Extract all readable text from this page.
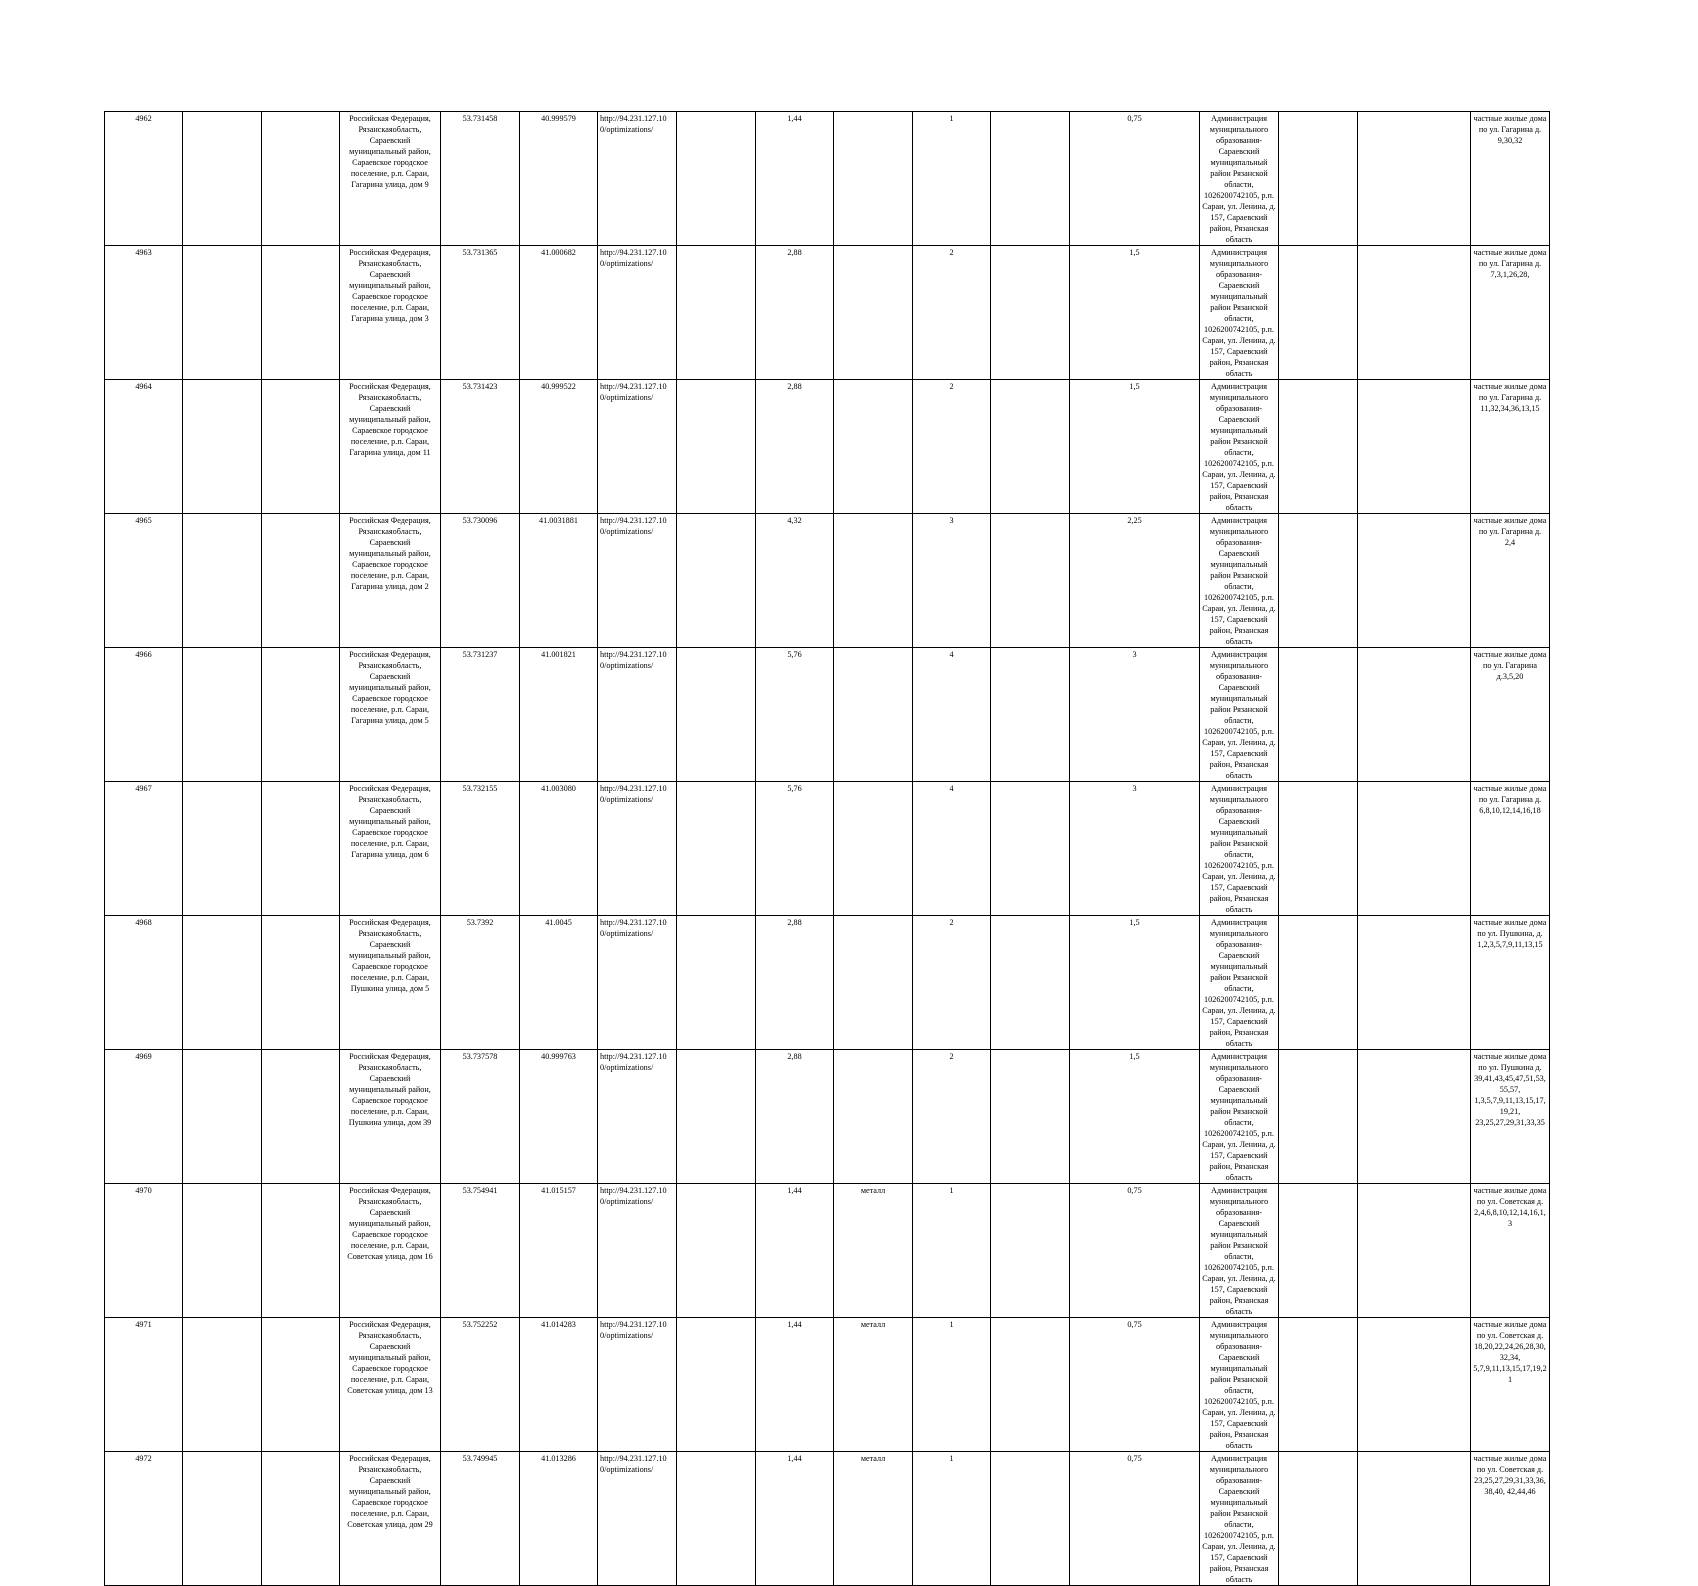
4962			Российская Федерация, Рязанскаяобласть, Сараевский муниципальный район, Сараевское городское поселение, р.п. Сараи, Гагарина улица, дом 9	53.731458	40.999579	http://94.231.127.10 0/optimizations/		1,44		1		0,75	Администрация муниципального образования-Сараевский муниципальный район Рязанской области, 1026200742105, р.п. Сараи, ул. Ленина, д. 157, Сараевский район, Рязанская область			частные жилые дома по ул. Гагарина д. 9,30,32

4963			Российская Федерация, Рязанскаяобласть, Сараевский муниципальный район, Сараевское городское поселение, р.п. Сараи, Гагарина улица, дом 3	53.731365	41.000682	http://94.231.127.10 0/optimizations/		2,88		2		1,5	Администрация муниципального образования-Сараевский муниципальный район Рязанской области, 1026200742105, р.п. Сараи, ул. Ленина, д. 157, Сараевский район, Рязанская область			частные жилые дома по ул. Гагарина д. 7,3,1,26,28,

4964			Российская Федерация, Рязанскаяобласть, Сараевский муниципальный район, Сараевское городское поселение, р.п. Сараи, Гагарина улица, дом 11	53.731423	40.999522	http://94.231.127.10 0/optimizations/		2,88		2		1,5	Администрация муниципального образования-Сараевский муниципальный район Рязанской области, 1026200742105, р.п. Сараи, ул. Ленина, д. 157, Сараевский район, Рязанская область			частные жилые дома по ул. Гагарина д. 11,32,34,36,13,15

4965			Российская Федерация, Рязанскаяобласть, Сараевский муниципальный район, Сараевское городское поселение, р.п. Сараи, Гагарина улица, дом 2	53.730096	41.0031881	http://94.231.127.10 0/optimizations/		4,32		3		2,25	Администрация муниципального образования-Сараевский муниципальный район Рязанской области, 1026200742105, р.п. Сараи, ул. Ленина, д. 157, Сараевский район, Рязанская область			частные жилые дома по ул. Гагарина д. 2,4

4966			Российская Федерация, Рязанскаяобласть, Сараевский муниципальный район, Сараевское городское поселение, р.п. Сараи, Гагарина улица, дом 5	53.731237	41.001821	http://94.231.127.10 0/optimizations/		5,76		4		3	Администрация муниципального образования-Сараевский муниципальный район Рязанской области, 1026200742105, р.п. Сараи, ул. Ленина, д. 157, Сараевский район, Рязанская область			частные жилые дома по ул. Гагарина д.3,5,20

4967			Российская Федерация, Рязанскаяобласть, Сараевский муниципальный район, Сараевское городское поселение, р.п. Сараи, Гагарина улица, дом 6	53.732155	41.003080	http://94.231.127.10 0/optimizations/		5,76		4		3	Администрация муниципального образования-Сараевский муниципальный район Рязанской области, 1026200742105, р.п. Сараи, ул. Ленина, д. 157, Сараевский район, Рязанская область			частные жилые дома по ул. Гагарина д. 6,8,10,12,14,16,18

4968			Российская Федерация, Рязанскаяобласть, Сараевский муниципальный район, Сараевское городское поселение, р.п. Сараи, Пушкина улица, дом 5	53.7392	41.0045	http://94.231.127.10 0/optimizations/		2,88		2		1,5	Администрация муниципального образования-Сараевский муниципальный район Рязанской области, 1026200742105, р.п. Сараи, ул. Ленина, д. 157, Сараевский район, Рязанская область			частные жилые дома по ул. Пушкина, д. 1,2,3,5,7,9,11,13,15

4969			Российская Федерация, Рязанскаяобласть, Сараевский муниципальный район, Сараевское городское поселение, р.п. Сараи, Пушкина улица, дом 39	53.737578	40.999763	http://94.231.127.10 0/optimizations/		2,88		2		1,5	Администрация муниципального образования-Сараевский муниципальный район Рязанской области, 1026200742105, р.п. Сараи, ул. Ленина, д. 157, Сараевский район, Рязанская область			частные жилые дома по ул. Пушкина д. 39,41,43,45,47,51,53,55,57, 1,3,5,7,9,11,13,15,17,19,21, 23,25,27,29,31,33,35

4970			Российская Федерация, Рязанскаяобласть, Сараевский муниципальный район, Сараевское городское поселение, р.п. Сараи, Советская улица, дом 16	53.754941	41.015157	http://94.231.127.10 0/optimizations/		1,44	металл	1		0,75	Администрация муниципального образования-Сараевский муниципальный район Рязанской области, 1026200742105, р.п. Сараи, ул. Ленина, д. 157, Сараевский район, Рязанская область			частные жилые дома по ул. Советская д. 2,4,6,8,10,12,14,16,1,3

4971			Российская Федерация, Рязанскаяобласть, Сараевский муниципальный район, Сараевское городское поселение, р.п. Сараи, Советская улица, дом 13	53.752252	41.014283	http://94.231.127.10 0/optimizations/		1,44	металл	1		0,75	Администрация муниципального образования-Сараевский муниципальный район Рязанской области, 1026200742105, р.п. Сараи, ул. Ленина, д. 157, Сараевский район, Рязанская область			частные жилые дома по ул. Советская д. 18,20,22,24,26,28,30,32,34, 5,7,9,11,13,15,17,19,21

4972			Российская Федерация, Рязанскаяобласть, Сараевский муниципальный район, Сараевское городское поселение, р.п. Сараи, Советская улица, дом 29	53.749945	41.013286	http://94.231.127.10 0/optimizations/		1,44	металл	1		0,75	Администрация муниципального образования-Сараевский муниципальный район Рязанской области, 1026200742105, р.п. Сараи, ул. Ленина, д. 157, Сараевский район, Рязанская область			частные жилые дома по ул. Советская д. 23,25,27,29,31,33,36,38,40, 42,44,46
